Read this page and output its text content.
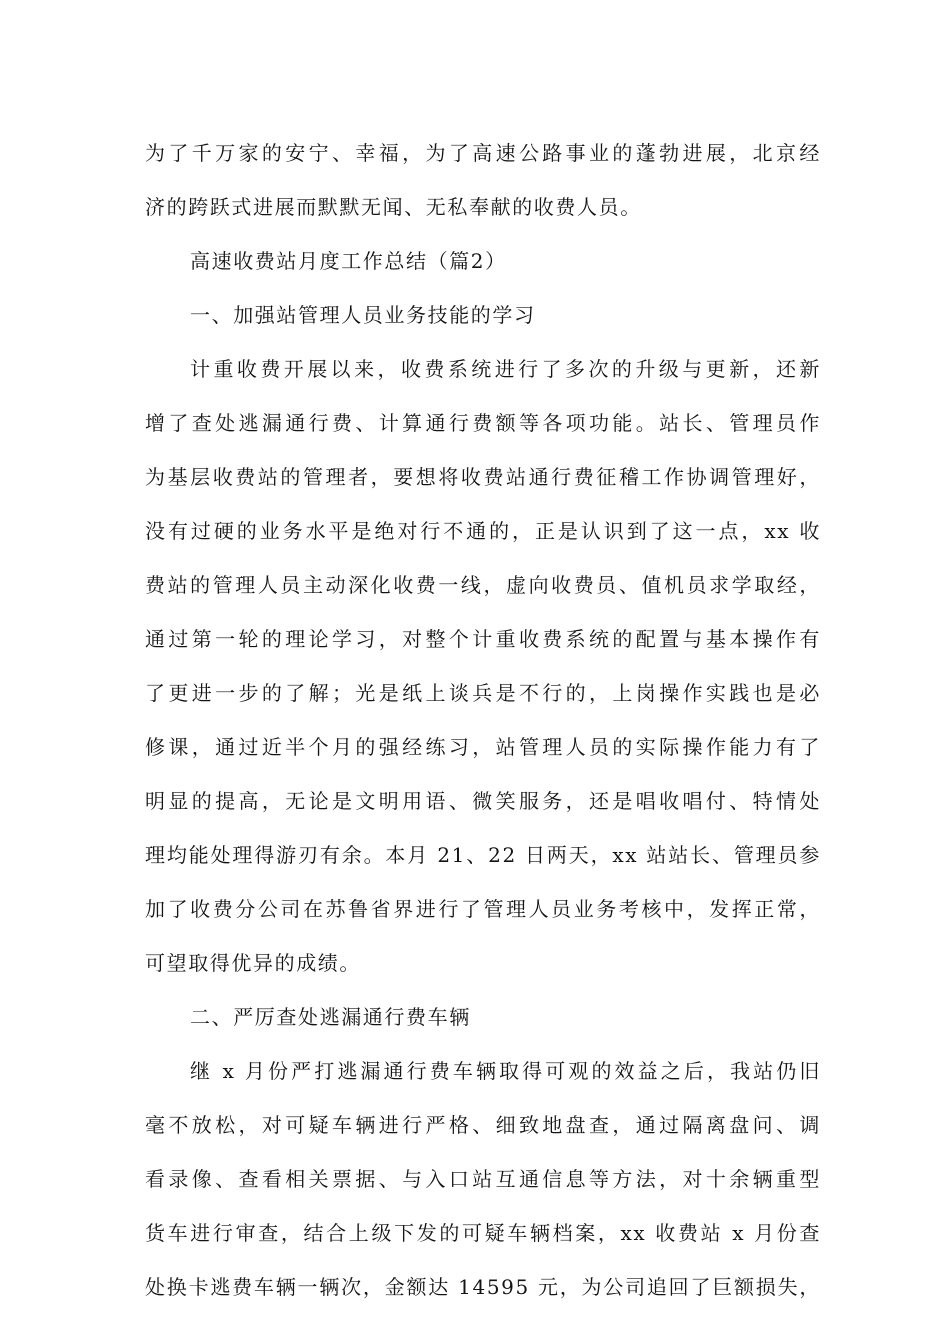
为了千万家的安宁、幸福，为了高速公路事业的蓬勃进展，北京经
济的跨跃式进展而默默无闻、无私奉献的收费人员。
高速收费站月度工作总结（篇2）
一、加强站管理人员业务技能的学习
计重收费开展以来，收费系统进行了多次的升级与更新，还新
增了查处逃漏通行费、计算通行费额等各项功能。站长、管理员作
为基层收费站的管理者，要想将收费站通行费征稽工作协调管理好，
没有过硬的业务水平是绝对行不通的，正是认识到了这一点，xx 收
费站的管理人员主动深化收费一线，虚向收费员、值机员求学取经，
通过第一轮的理论学习，对整个计重收费系统的配置与基本操作有
了更进一步的了解；光是纸上谈兵是不行的，上岗操作实践也是必
修课，通过近半个月的强经练习，站管理人员的实际操作能力有了
明显的提高，无论是文明用语、微笑服务，还是唱收唱付、特情处
理均能处理得游刃有余。本月 21、22 日两天，xx 站站长、管理员参
加了收费分公司在苏鲁省界进行了管理人员业务考核中，发挥正常，
可望取得优异的成绩。
二、严厉查处逃漏通行费车辆
继 x 月份严打逃漏通行费车辆取得可观的效益之后，我站仍旧
毫不放松，对可疑车辆进行严格、细致地盘查，通过隔离盘问、调
看录像、查看相关票据、与入口站互通信息等方法，对十余辆重型
货车进行审查，结合上级下发的可疑车辆档案，xx 收费站 x 月份查
处换卡逃费车辆一辆次，金额达 14595 元，为公司追回了巨额损失，
